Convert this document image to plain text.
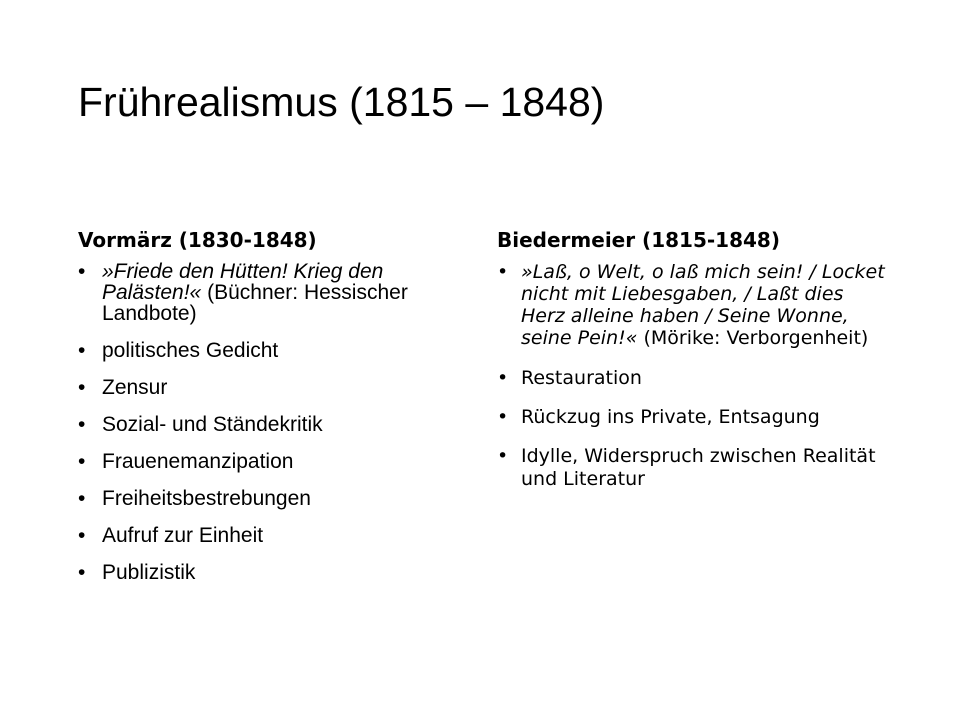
Frührealismus (1815 – 1848)
Vormärz (1830-1848)
• »Friede den Hütten! Krieg den Palästen!« (Büchner: Hessischer Landbote)
• politisches Gedicht
• Zensur
• Sozial- und Ständekritik
• Frauenemanzipation
• Freiheitsbestrebungen
• Aufruf zur Einheit
• Publizistik
Biedermeier (1815-1848)
• »Laß, o Welt, o laß mich sein! / Locket nicht mit Liebesgaben, / Laßt dies Herz alleine haben / Seine Wonne, seine Pein!« (Mörike: Verborgenheit)
• Restauration
• Rückzug ins Private, Entsagung
• Idylle, Widerspruch zwischen Realität und Literatur
